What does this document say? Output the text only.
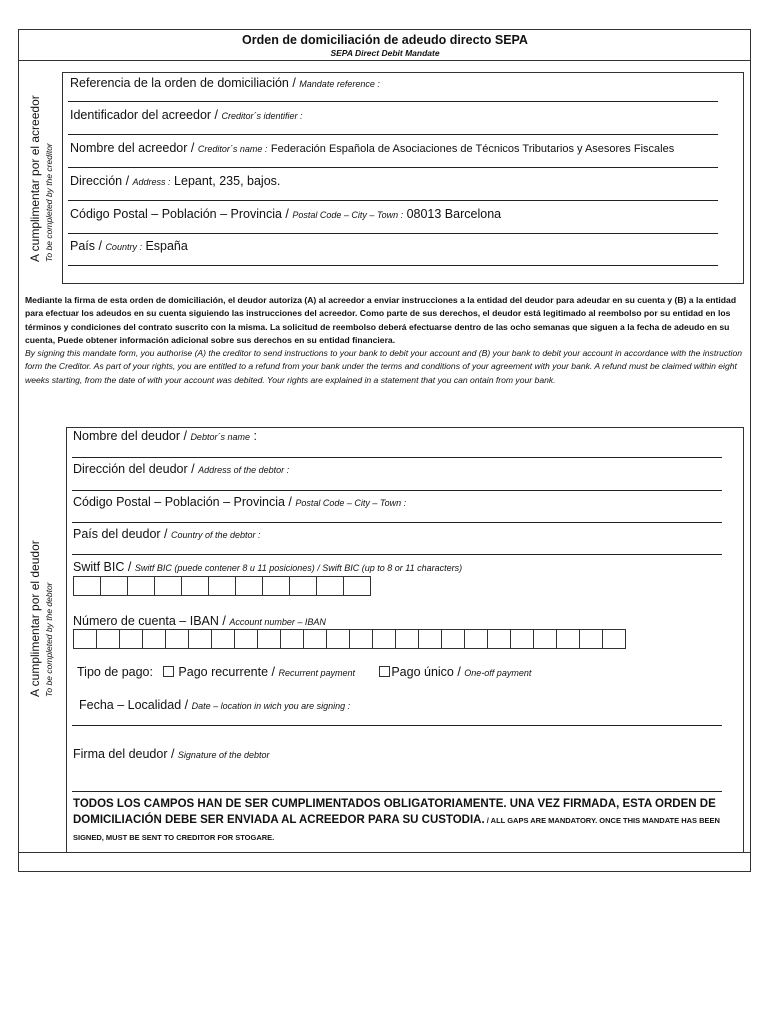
Orden de domiciliación de adeudo directo SEPA
SEPA Direct Debit Mandate
A cumplimentar por el acreedor To be completed by the creditor
Referencia de la orden de domiciliación / Mandate reference :
Identificador del acreedor / Creditor´s identifier :
Nombre del acreedor / Creditor´s name : Federación Española de Asociaciones de Técnicos Tributarios y Asesores Fiscales
Dirección / Address : Lepant, 235, bajos.
Código Postal – Población – Provincia / Postal Code – City – Town : 08013 Barcelona
País / Country : España
Mediante la firma de esta orden de domiciliación, el deudor autoriza (A) al acreedor a enviar instrucciones a la entidad del deudor para adeudar en su cuenta y (B) a la entidad para efectuar los adeudos en su cuenta siguiendo las instrucciones del acreedor. Como parte de sus derechos, el deudor está legitimado al reembolso por su entidad en los términos y condiciones del contrato suscrito con la misma. La solicitud de reembolso deberá efectuarse dentro de las ocho semanas que siguen a la fecha de adeudo en su cuenta, Puede obtener información adicional sobre sus derechos en su entidad financiera.
By signing this mandate form, you authorise (A) the creditor to send instructions to your bank to debit your account and (B) your bank to debit your account in accordance with the instruction form the Creditor. As part of your rights, you are entitled to a refund from your bank under the terms and conditions of your agreement with your bank. A refund must be claimed within eight weeks starting, from the date of with your account was debited. Your rights are explained in a statement that you can ontain from your bank.
A cumplimentar por el deudor To be completed by the debtor
Nombre del deudor / Debtor´s name :
Dirección del deudor / Address of the debtor :
Código Postal – Población – Provincia / Postal Code – City – Town :
País del deudor / Country of the debtor :
Switf BIC / Switf BIC (puede contener 8 u 11 posiciones) / Swift BIC (up to 8 or 11 characters)
Número de cuenta – IBAN / Account number – IBAN
Tipo de pago: Pago recurrente / Recurrent payment	Pago único / One-off payment
Fecha – Localidad / Date – location in wich you are signing :
Firma del deudor / Signature of the debtor
TODOS LOS CAMPOS HAN DE SER CUMPLIMENTADOS OBLIGATORIAMENTE. UNA VEZ FIRMADA, ESTA ORDEN DE DOMICILIACIÓN DEBE SER ENVIADA AL ACREEDOR PARA SU CUSTODIA. / ALL GAPS ARE MANDATORY. ONCE THIS MANDATE HAS BEEN SIGNED, MUST BE SENT TO CREDITOR FOR STOGARE.
